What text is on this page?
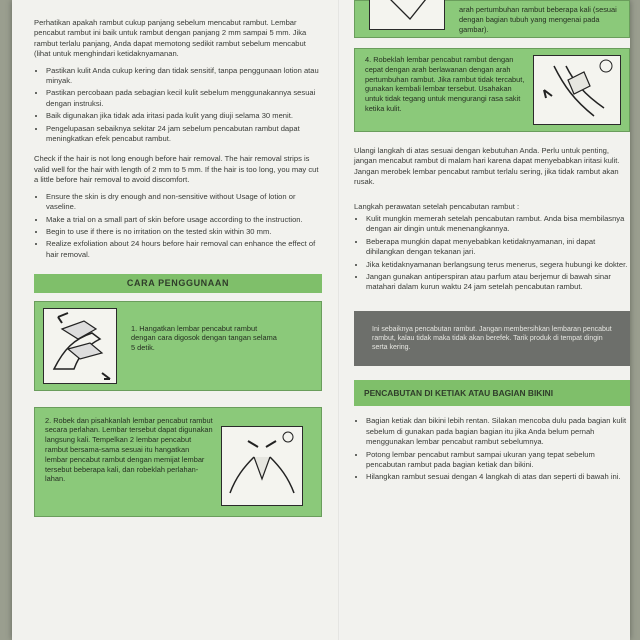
Perhatikan apakah rambut cukup panjang sebelum mencabut rambut. Lembar pencabut rambut ini baik untuk rambut dengan panjang 2 mm sampai 5 mm. Jika rambut terlalu panjang, Anda dapat memotong sedikit rambut sebelum mencabut (lihat untuk menghindari ketidaknyamanan.

• Pastikan kulit Anda cukup kering dan tidak sensitif, tanpa penggunaan lotion atau minyak.
• Pastikan percobaan pada sebagian kecil kulit sebelum menggunakannya sesuai dengan instruksi.
• Baik digunakan jika tidak ada iritasi pada kulit yang diuji selama 30 menit.
• Pengelupasan sebaiknya sekitar 24 jam sebelum pencabutan rambut dapat meningkatkan efek pencabut rambut.

Check if the hair is not long enough before hair removal. The hair removal strips is valid well for the hair with length of 2 mm to 5 mm. If the hair is too long, you may cut a little before hair removal to avoid discomfort.

• Ensure the skin is dry enough and non-sensitive without Usage of lotion or vaseline.
• Make a trial on a small part of skin before usage according to the instruction.
• Begin to use if there is no irritation on the tested skin within 30 mm.
• Realize exfoliation about 24 hours before hair removal can enhance the effect of hair removal.
CARA PENGGUNAAN
1. Hangatkan lembar pencabut rambut dengan cara digosok dengan tangan selama 5 detik.
2. Robek dan pisahkanlah lembar pencabut rambut secara perlahan. Lembar tersebut dapat digunakan langsung kali. Tempelkan 2 lembar pencabut rambut bersama-sama sesuai itu hangatkan lembar pencabut rambut dengan memijat lembar tersebut beberapa kali, dan robeklah perlahan-lahan.
arah pertumbuhan rambut beberapa kali (sesuai dengan bagian tubuh yang mengenai pada gambar).
4. Robeklah lembar pencabut rambut dengan cepat dengan arah berlawanan dengan arah pertumbuhan rambut. Jika rambut tidak tercabut, gunakan kembali lembar tersebut. Usahakan untuk tidak tegang untuk mengurangi rasa sakit ketika kulit.

Ulangi langkah di atas sesuai dengan kebutuhan Anda. Perlu untuk penting, jangan mencabut rambut di malam hari karena dapat menyebabkan iritasi kulit. Jangan merobek lembar pencabut rambut terlalu sering, jika tidak rambut akan rusak.

Langkah perawatan setelah pencabutan rambut :

• Kulit mungkin memerah setelah pencabutan rambut. Anda bisa membilasnya dengan air dingin untuk menenangkannya.
• Beberapa mungkin dapat menyebabkan ketidaknyamanan, ini dapat dihilangkan dengan tekanan jari.
• Jika ketidaknyamanan berlangsung terus menerus, segera hubungi ke dokter.
• Jangan gunakan antiperspiran atau parfum atau berjemur di bawah sinar matahari dalam kurun waktu 24 jam setelah pencabutan rambut.
Ini sebaiknya pencabutan rambut. Jangan membersihkan lembaran pencabut rambut, kalau tidak maka tidak akan berefek. Tarik produk di tempat dingin serta kering.
PENCABUTAN DI KETIAK ATAU BAGIAN BIKINI
• Bagian ketiak dan bikini lebih rentan. Silakan mencoba dulu pada bagian kulit sebelum di gunakan pada bagian bagian itu jika Anda belum pernah menggunakan lembar pencabut rambut sebelumnya.
• Potong lembar pencabut rambut sampai ukuran yang tepat sebelum pencabutan rambut pada bagian ketiak dan bikini.
• Hilangkan rambut sesuai dengan 4 langkah di atas dan seperti di bawah ini.
